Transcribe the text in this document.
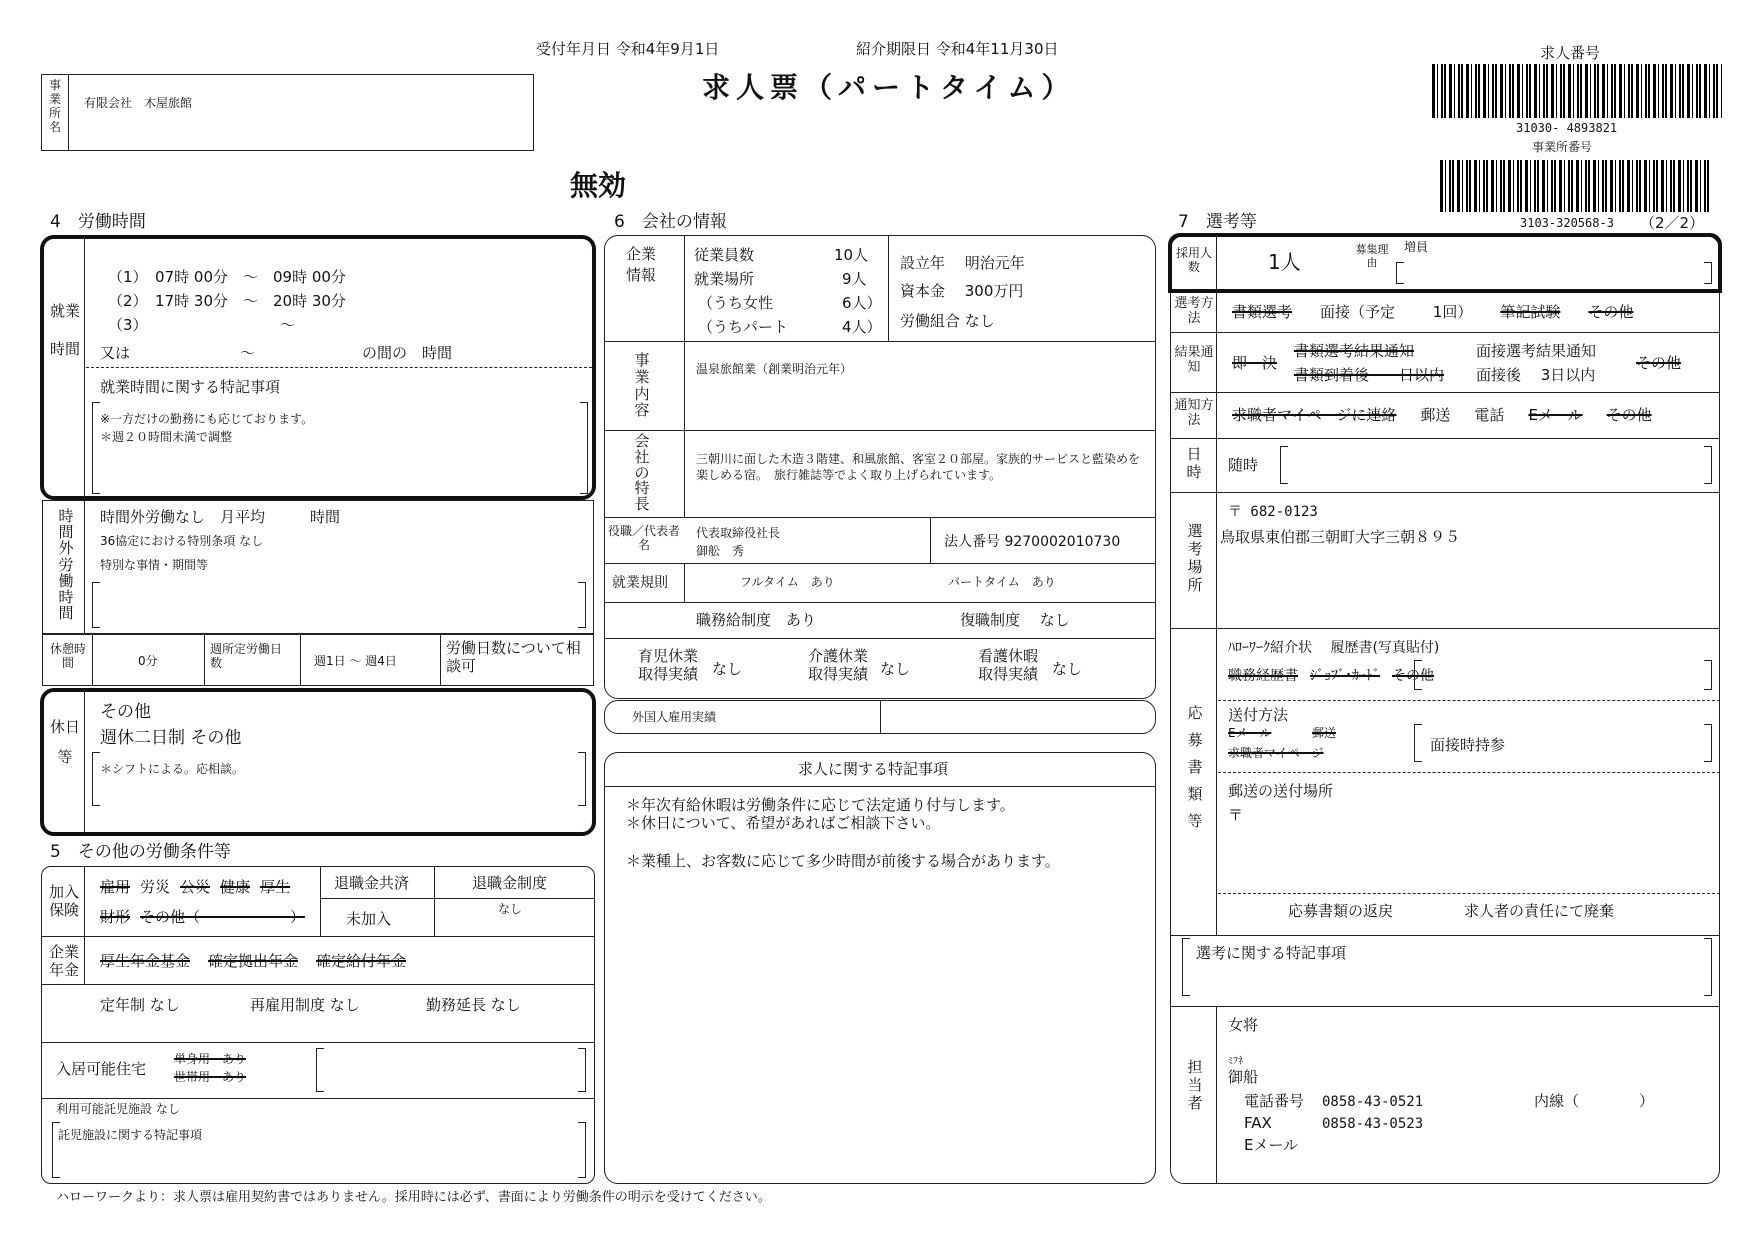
受付年月日 令和4年9月1日	紹介期限日 令和4年11月30日
求人票（パートタイム）
無効
事業所名
有限会社　木屋旅館
求人番号
31030- 4893821
事業所番号
3103-320568-3 （2／2）
4　労働時間
就業時間
（1）　07時 00分　～　09時 00分
（2）　17時 30分　～　20時 30分
（3）	～
又は	～	の間の　時間
就業時間に関する特記事項
※一方だけの勤務にも応じております。
＊週２０時間未満で調整
時間外労働時間
時間外労働なし　月平均　　　時間
36協定における特別条項 なし
特別な事情・期間等
休憩時間	0分
週所定労働日数	週1日 ～ 週4日
労働日数について相談可
休日等
その他
週休二日制 その他
＊シフトによる。応相談。
5　その他の労働条件等
加入保険
雇用 労災 公災 健康 厚生
財形 その他（　　　　　　）
退職金共済
未加入
退職金制度
なし
企業年金 厚生年金基金 確定拠出年金 確定給付年金
定年制 なし	再雇用制度 なし	勤務延長 なし
入居可能住宅
単身用　あり
世帯用　あり
利用可能託児施設 なし
託児施設に関する特記事項
6　会社の情報
企業情報
従業員数	10人
就業場所	9人
（うち女性	6人）
（うちパート	4人）
設立年　 明治元年
資本金　 300万円
労働組合 なし
事業内容
温泉旅館業（創業明治元年）
会社の特長
三朝川に面した木造３階建、和風旅館、客室２０部屋。家族的サービスと藍染めを楽しめる宿。　旅行雑誌等でよく取り上げられています。
役職／代表者名
代表取締役社長
御舩　秀
法人番号 9270002010730
就業規則	フルタイム　あり	パートタイム　あり
職務給制度　あり	復職制度　 なし
育児休業取得実績 なし
介護休業取得実績 なし
看護休暇取得実績 なし
外国人雇用実績
求人に関する特記事項
＊年次有給休暇は労働条件に応じて法定通り付与します。
＊休日について、希望があればご相談下さい。
＊業種上、お客数に応じて多少時間が前後する場合があります。
7　選考等
採用人数	1人
募集理由
増員
選考方法	書類選考 面接（予定　 1回） 筆記試験 その他
結果通知	即　決
書類選考結果通知
書類到着後　　日以内
面接選考結果通知
面接後　 3日以内
その他
通知方法	求職者マイページに連絡 郵送 電話 Eメール その他
日時	随時
選考場所
〒 682-0123
鳥取県東伯郡三朝町大字三朝８９５
応募書類等
ﾊﾛｰﾜｰｸ紹介状　 履歴書(写真貼付)
職務経歴書 ｼﾞｮﾌﾞ･ｶｰﾄﾞ その他
送付方法
Eメール	郵送
求職者マイページ	面接時持参
郵送の送付場所
〒
応募書類の返戻	求人者の責任にて廃棄
選考に関する特記事項
担当者
女将
ﾐﾌﾈ
御船
電話番号 0858-43-0521	内線（　　　　）
FAX	0858-43-0523
Eメール
ハローワークより：求人票は雇用契約書ではありません。採用時には必ず、書面により労働条件の明示を受けてください。
